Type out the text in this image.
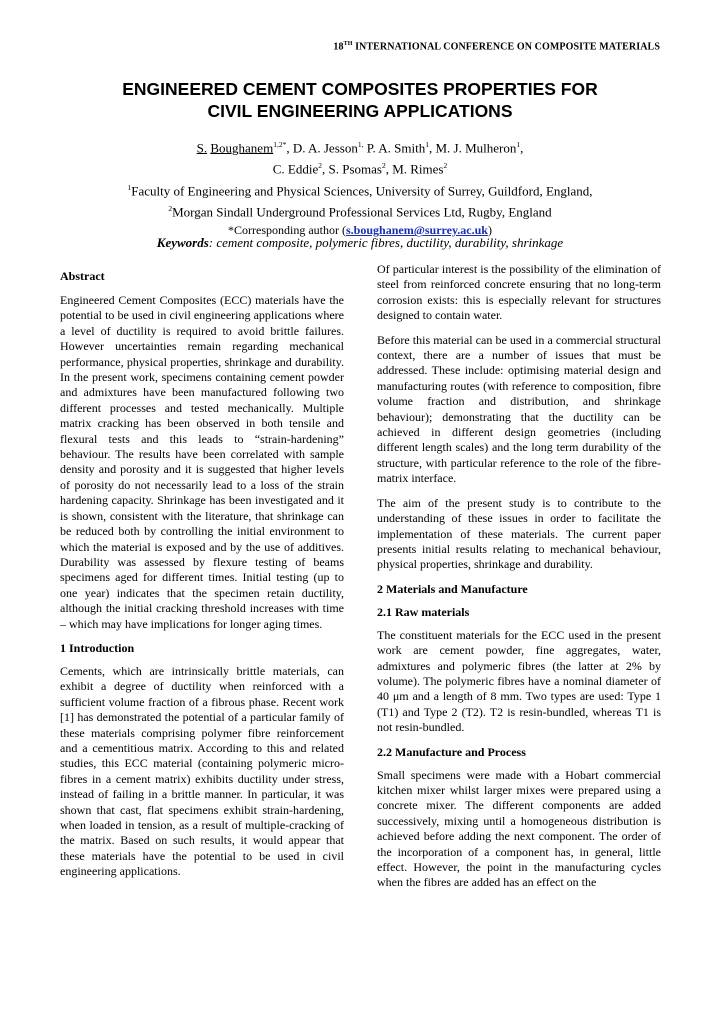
18TH INTERNATIONAL CONFERENCE ON COMPOSITE MATERIALS
ENGINEERED CEMENT COMPOSITES PROPERTIES FOR
CIVIL ENGINEERING APPLICATIONS
S. Boughanem$^{1,2*}$, D. A. Jesson$^{1,}$ P. A. Smith$^1$, M. J. Mulheron$^1$,
C. Eddie$^2$, S. Psomas$^2$, M. Rimes$^2$
$^1$Faculty of Engineering and Physical Sciences, University of Surrey, Guildford, England,
$^2$Morgan Sindall Underground Professional Services Ltd, Rugby, England
*Corresponding author (s.boughanem@surrey.ac.uk)
Keywords: cement composite, polymeric fibres, ductility, durability, shrinkage
Abstract

Engineered Cement Composites (ECC) materials have the potential to be used in civil engineering applications where a level of ductility is required to avoid brittle failures. However uncertainties remain regarding mechanical performance, physical properties, shrinkage and durability. In the present work, specimens containing cement powder and admixtures have been manufactured following two different processes and tested mechanically. Multiple matrix cracking has been observed in both tensile and flexural tests and this leads to “strain-hardening” behaviour. The results have been correlated with sample density and porosity and it is suggested that higher levels of porosity do not necessarily lead to a loss of the strain hardening capacity. Shrinkage has been investigated and it is shown, consistent with the literature, that shrinkage can be reduced both by controlling the initial environment to which the material is exposed and by the use of additives. Durability was assessed by flexure testing of beams specimens aged for different times. Initial testing (up to one year) indicates that the specimen retain ductility, although the initial cracking threshold increases with time – which may have implications for longer aging times.

1 Introduction

Cements, which are intrinsically brittle materials, can exhibit a degree of ductility when reinforced with a sufficient volume fraction of a fibrous phase. Recent work [1] has demonstrated the potential of a particular family of these materials comprising polymer fibre reinforcement and a cementitious matrix. According to this and related studies, this ECC material (containing polymeric micro-fibres in a cement matrix) exhibits ductility under stress, instead of failing in a brittle manner. In particular, it was shown that cast, flat specimens exhibit strain-hardening, when loaded in tension, as a result of multiple-cracking of the matrix. Based on such results, it would appear that these materials have the potential to be used in civil engineering applications.

Of particular interest is the possibility of the elimination of steel from reinforced concrete ensuring that no long-term corrosion exists: this is especially relevant for structures designed to contain water.

Before this material can be used in a commercial structural context, there are a number of issues that must be addressed. These include: optimising material design and manufacturing routes (with reference to composition, fibre volume fraction and distribution, and shrinkage behaviour); demonstrating that the ductility can be achieved in different design geometries (including different length scales) and the long term durability of the structure, with particular reference to the role of the fibre-matrix interface.

The aim of the present study is to contribute to the understanding of these issues in order to facilitate the implementation of these materials. The current paper presents initial results relating to mechanical behaviour, physical properties, shrinkage and durability.

2 Materials and Manufacture
2.1 Raw materials

The constituent materials for the ECC used in the present work are cement powder, fine aggregates, water, admixtures and polymeric fibres (the latter at 2% by volume). The polymeric fibres have a nominal diameter of 40 μm and a length of 8 mm. Two types are used: Type 1 (T1) and Type 2 (T2). T2 is resin-bundled, whereas T1 is not resin-bundled.

2.2 Manufacture and Process

Small specimens were made with a Hobart commercial kitchen mixer whilst larger mixes were prepared using a concrete mixer. The different components are added successively, mixing until a homogeneous distribution is achieved before adding the next component. The order of the incorporation of a component has, in general, little effect. However, the point in the manufacturing cycles when the fibres are added has an effect on the
